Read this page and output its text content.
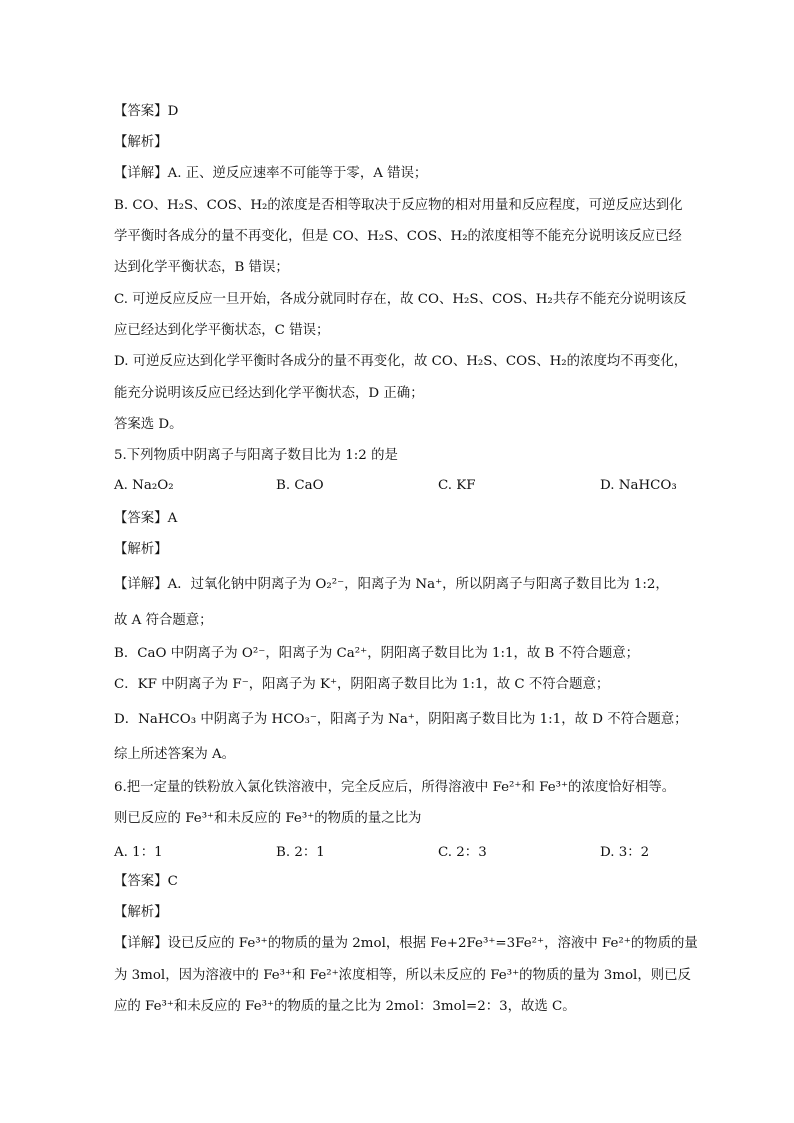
【答案】D
【解析】
【详解】A. 正、逆反应速率不可能等于零，A 错误；
B. CO、H₂S、COS、H₂的浓度是否相等取决于反应物的相对用量和反应程度，可逆反应达到化
学平衡时各成分的量不再变化，但是 CO、H₂S、COS、H₂的浓度相等不能充分说明该反应已经
达到化学平衡状态，B 错误；
C. 可逆反应反应一旦开始，各成分就同时存在，故 CO、H₂S、COS、H₂共存不能充分说明该反
应已经达到化学平衡状态，C 错误；
D. 可逆反应达到化学平衡时各成分的量不再变化，故 CO、H₂S、COS、H₂的浓度均不再变化，
能充分说明该反应已经达到化学平衡状态，D 正确；
答案选 D。
5.下列物质中阴离子与阳离子数目比为 1:2 的是
A. Na₂O₂	B. CaO	C. KF	D. NaHCO₃
【答案】A
【解析】
【详解】A．过氧化钠中阴离子为 O₂²⁻，阳离子为 Na⁺，所以阴离子与阳离子数目比为 1:2，
故 A 符合题意；
B．CaO 中阴离子为 O²⁻，阳离子为 Ca²⁺，阴阳离子数目比为 1:1，故 B 不符合题意；
C．KF 中阴离子为 F⁻，阳离子为 K⁺，阴阳离子数目比为 1:1，故 C 不符合题意；
D．NaHCO₃ 中阴离子为 HCO₃⁻，阳离子为 Na⁺，阴阳离子数目比为 1:1，故 D 不符合题意；
综上所述答案为 A。
6.把一定量的铁粉放入氯化铁溶液中，完全反应后，所得溶液中 Fe²⁺和 Fe³⁺的浓度恰好相等。
则已反应的 Fe³⁺和未反应的 Fe³⁺的物质的量之比为
A. 1：1	B. 2：1	C. 2：3	D. 3：2
【答案】C
【解析】
【详解】设已反应的 Fe³⁺的物质的量为 2mol，根据 Fe+2Fe³⁺=3Fe²⁺，溶液中 Fe²⁺的物质的量
为 3mol，因为溶液中的 Fe³⁺和 Fe²⁺浓度相等，所以未反应的 Fe³⁺的物质的量为 3mol，则已反
应的 Fe³⁺和未反应的 Fe³⁺的物质的量之比为 2mol：3mol=2：3，故选 C。
